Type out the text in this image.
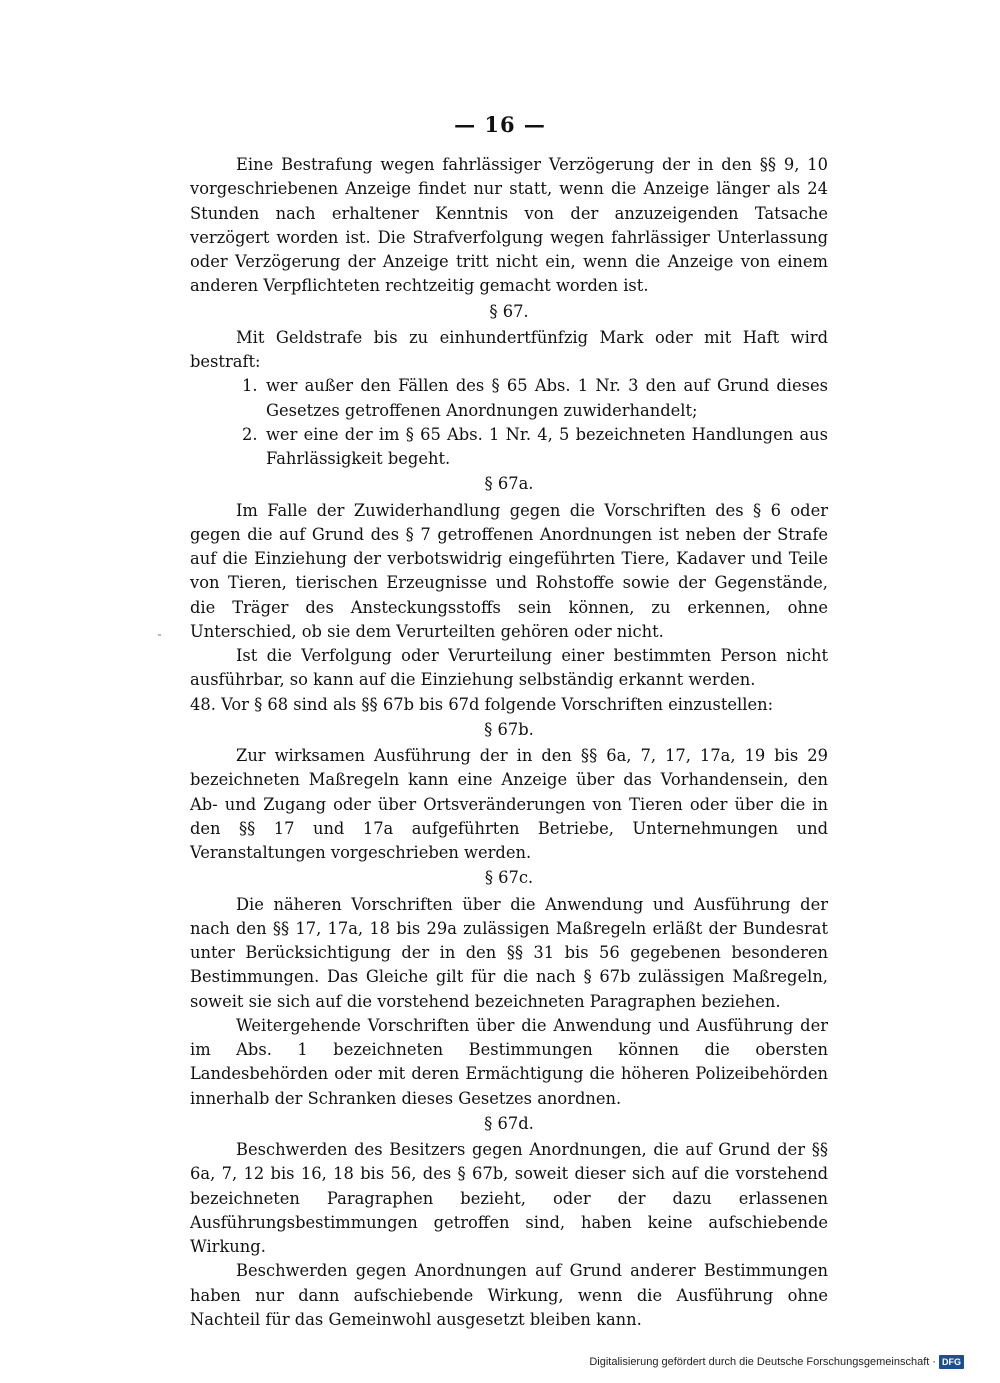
— 16 —

Eine Bestrafung wegen fahrlässiger Verzögerung der in den §§ 9, 10 vorgeschriebenen Anzeige findet nur statt, wenn die Anzeige länger als 24 Stunden nach erhaltener Kenntnis von der anzuzeigenden Tatsache verzögert worden ist. Die Strafverfolgung wegen fahrlässiger Unterlassung oder Verzögerung der Anzeige tritt nicht ein, wenn die Anzeige von einem anderen Verpflichteten rechtzeitig gemacht worden ist.

§ 67.

Mit Geldstrafe bis zu einhundertfünfzig Mark oder mit Haft wird bestraft:

1. wer außer den Fällen des § 65 Abs. 1 Nr. 3 den auf Grund dieses Gesetzes getroffenen Anordnungen zuwiderhandelt;

2. wer eine der im § 65 Abs. 1 Nr. 4, 5 bezeichneten Handlungen aus Fahrlässigkeit begeht.

§ 67a.

Im Falle der Zuwiderhandlung gegen die Vorschriften des § 6 oder gegen die auf Grund des § 7 getroffenen Anordnungen ist neben der Strafe auf die Einziehung der verbotswidrig eingeführten Tiere, Kadaver und Teile von Tieren, tierischen Erzeugnisse und Rohstoffe sowie der Gegenstände, die Träger des Ansteckungsstoffs sein können, zu erkennen, ohne Unterschied, ob sie dem Verurteilten gehören oder nicht.

Ist die Verfolgung oder Verurteilung einer bestimmten Person nicht ausführbar, so kann auf die Einziehung selbständig erkannt werden.

48. Vor § 68 sind als §§ 67b bis 67d folgende Vorschriften einzustellen:

§ 67b.

Zur wirksamen Ausführung der in den §§ 6a, 7, 17, 17a, 19 bis 29 bezeichneten Maßregeln kann eine Anzeige über das Vorhandensein, den Ab- und Zugang oder über Ortsveränderungen von Tieren oder über die in den §§ 17 und 17a aufgeführten Betriebe, Unternehmungen und Veranstaltungen vorgeschrieben werden.

§ 67c.

Die näheren Vorschriften über die Anwendung und Ausführung der nach den §§ 17, 17a, 18 bis 29a zulässigen Maßregeln erläßt der Bundesrat unter Berücksichtigung der in den §§ 31 bis 56 gegebenen besonderen Bestimmungen. Das Gleiche gilt für die nach § 67b zulässigen Maßregeln, soweit sie sich auf die vorstehend bezeichneten Paragraphen beziehen.

Weitergehende Vorschriften über die Anwendung und Ausführung der im Abs. 1 bezeichneten Bestimmungen können die obersten Landesbehörden oder mit deren Ermächtigung die höheren Polizeibehörden innerhalb der Schranken dieses Gesetzes anordnen.

§ 67d.

Beschwerden des Besitzers gegen Anordnungen, die auf Grund der §§ 6a, 7, 12 bis 16, 18 bis 56, des § 67b, soweit dieser sich auf die vorstehend bezeichneten Paragraphen bezieht, oder der dazu erlassenen Ausführungsbestimmungen getroffen sind, haben keine aufschiebende Wirkung.

Beschwerden gegen Anordnungen auf Grund anderer Bestimmungen haben nur dann aufschiebende Wirkung, wenn die Ausführung ohne Nachteil für das Gemeinwohl ausgesetzt bleiben kann.

Digitalisierung gefördert durch die Deutsche Forschungsgemeinschaft · DFG
